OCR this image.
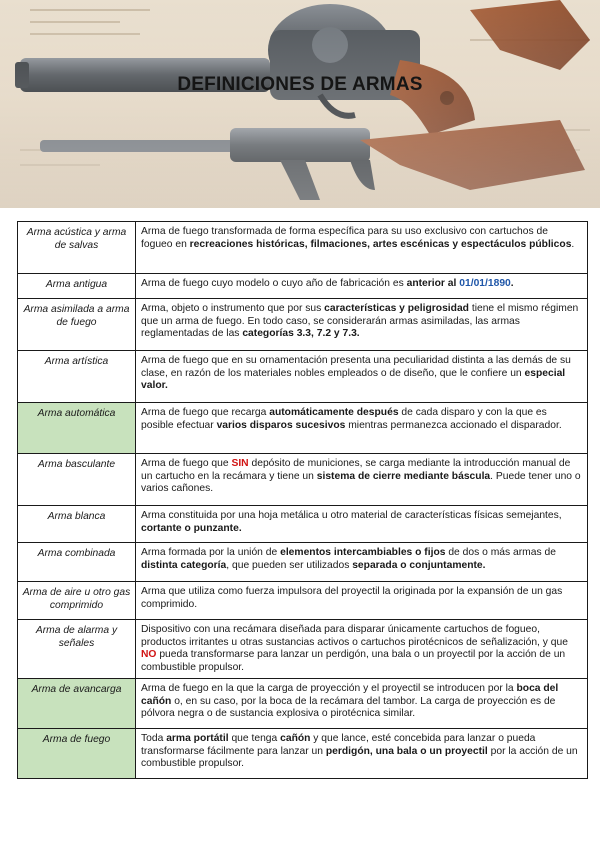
DEFINICIONES DE ARMAS
Arma acústica y arma de salvas	Arma de fuego transformada de forma específica para su uso exclusivo con cartuchos de fogueo en recreaciones históricas, filmaciones, artes escénicas y espectáculos públicos.
Arma antigua	Arma de fuego cuyo modelo o cuyo año de fabricación es anterior al 01/01/1890.
Arma asimilada a arma de fuego	Arma, objeto o instrumento que por sus características y peligrosidad tiene el mismo régimen que un arma de fuego. En todo caso, se considerarán armas asimiladas, las armas reglamentadas de las categorías 3.3, 7.2 y 7.3.
Arma artística	Arma de fuego que en su ornamentación presenta una peculiaridad distinta a las demás de su clase, en razón de los materiales nobles empleados o de diseño, que le confiere un especial valor.
Arma automática	Arma de fuego que recarga automáticamente después de cada disparo y con la que es posible efectuar varios disparos sucesivos mientras permanezca accionado el disparador.
Arma basculante	Arma de fuego que SIN depósito de municiones, se carga mediante la introducción manual de un cartucho en la recámara y tiene un sistema de cierre mediante báscula. Puede tener uno o varios cañones.
Arma blanca	Arma constituida por una hoja metálica u otro material de características físicas semejantes, cortante o punzante.
Arma combinada	Arma formada por la unión de elementos intercambiables o fijos de dos o más armas de distinta categoría, que pueden ser utilizados separada o conjuntamente.
Arma de aire u otro gas comprimido	Arma que utiliza como fuerza impulsora del proyectil la originada por la expansión de un gas comprimido.
Arma de alarma y señales	Dispositivo con una recámara diseñada para disparar únicamente cartuchos de fogueo, productos irritantes u otras sustancias activos o cartuchos pirotécnicos de señalización, y que NO pueda transformarse para lanzar un perdigón, una bala o un proyectil por la acción de un combustible propulsor.
Arma de avancarga	Arma de fuego en la que la carga de proyección y el proyectil se introducen por la boca del cañón o, en su caso, por la boca de la recámara del tambor. La carga de proyección es de pólvora negra o de sustancia explosiva o pirotécnica similar.
Arma de fuego	Toda arma portátil que tenga cañón y que lance, esté concebida para lanzar o pueda transformarse fácilmente para lanzar un perdigón, una bala o un proyectil por la acción de un combustible propulsor.
